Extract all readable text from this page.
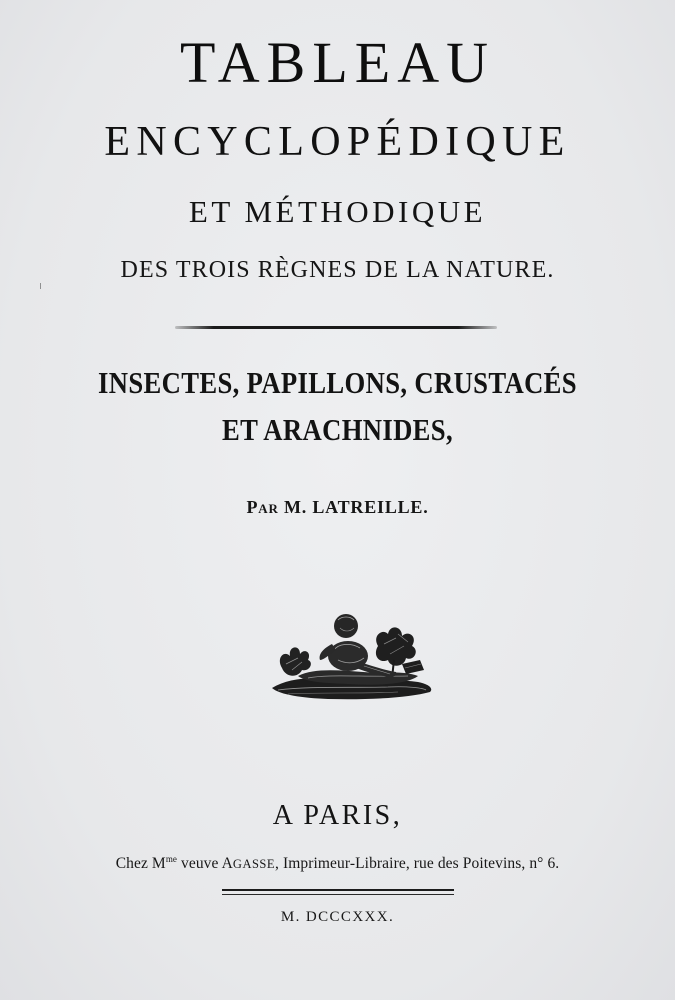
TABLEAU
ENCYCLOPÉDIQUE
ET MÉTHODIQUE
DES TROIS RÈGNES DE LA NATURE.
INSECTES, PAPILLONS, CRUSTACÉS
ET ARACHNIDES,
PAR M. LATREILLE.
A PARIS,
Chez $M^{me}$ veuve AGASSE, Imprimeur-Libraire, rue des Poitevins, n° 6.
M. DCCCXXX.
